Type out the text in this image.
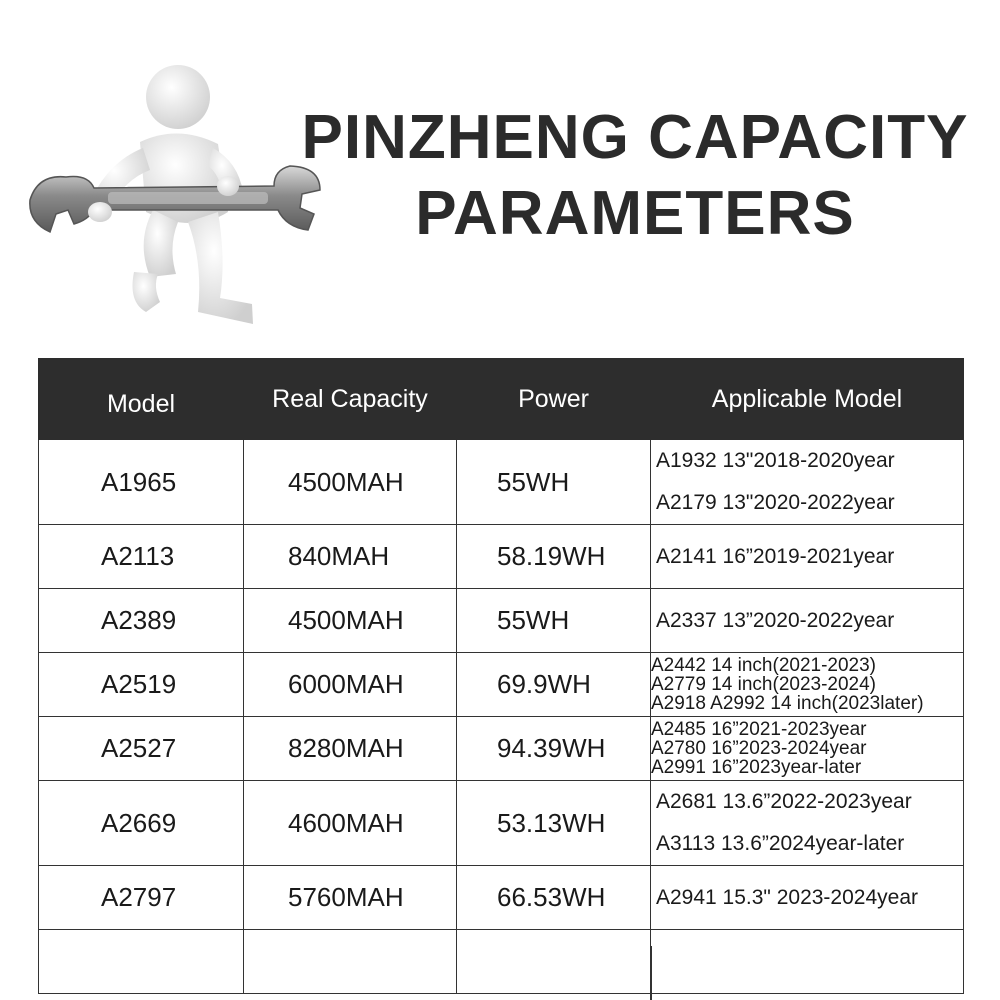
PINZHENG CAPACITY
PARAMETERS
Model	Real Capacity	Power	Applicable Model
A1965	4500MAH	55WH	A1932 13"2018-2020year
A2179 13"2020-2022year

A2113	840MAH	58.19WH	A2141 16”2019-2021year

A2389	4500MAH	55WH	A2337 13”2020-2022year

A2519	6000MAH	69.9WH	A2442 14 inch(2021-2023)
A2779 14 inch(2023-2024)
A2918 A2992 14 inch(2023later)

A2527	8280MAH	94.39WH	A2485 16”2021-2023year
A2780 16”2023-2024year
A2991 16”2023year-later

A2669	4600MAH	53.13WH	A2681 13.6”2022-2023year
A3113 13.6”2024year-later

A2797	5760MAH	66.53WH	A2941 15.3" 2023-2024year
